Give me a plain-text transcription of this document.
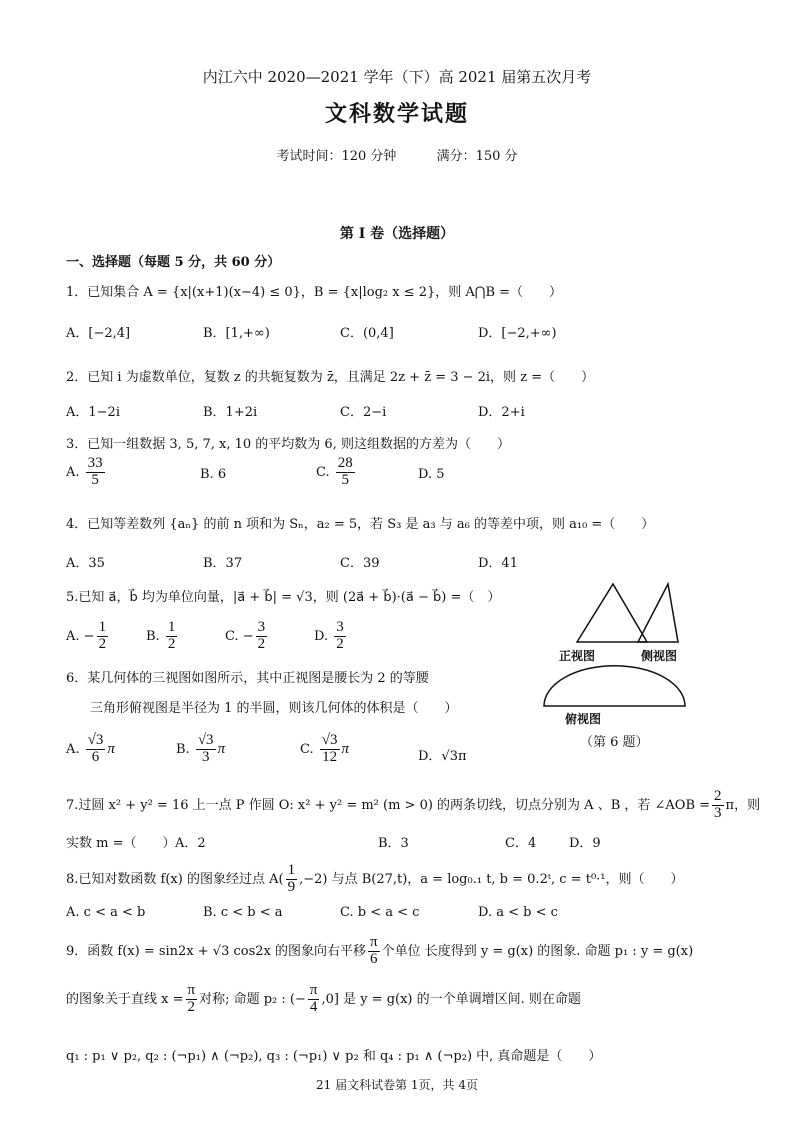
内江六中 2020—2021 学年（下）高 2021 届第五次月考
文科数学试题
考试时间：120 分钟	满分：150 分
第 I 卷（选择题）
一、选择题（每题 5 分，共 60 分）
1．已知集合 A = {x|(x+1)(x−4) ≤ 0}，B = {x|log₂ x ≤ 2}，则 A⋂B =（　　）
A．[−2,4]	B．[1,+∞)	C．(0,4]	D．[−2,+∞)
2．已知 i 为虚数单位，复数 z 的共轭复数为 z̄，且满足 2z + z̄ = 3 − 2i，则 z =（　　）
A．1−2i	B．1+2i	C．2−i	D．2+i
3．已知一组数据 3, 5, 7, x, 10 的平均数为 6, 则这组数据的方差为（　　）
A. $\frac{33}{5}$	B. 6	C. $\frac{28}{5}$	D. 5
4．已知等差数列 {aₙ} 的前 n 项和为 Sₙ，a₂ = 5，若 S₃ 是 a₃ 与 a₆ 的等差中项，则 a₁₀ =（　　）
A．35	B．37	C．39	D．41
5.已知 a⃗，b⃗ 均为单位向量，|a⃗ + b⃗| = √3，则 (2a⃗ + b⃗)·(a⃗ − b⃗) =（　）
A. − $\frac{1}{2}$	B. $\frac{1}{2}$	C. − $\frac{3}{2}$	D. $\frac{3}{2}$
正视图	侧视图
俯视图
（第 6 题）
6．某几何体的三视图如图所示，其中正视图是腰长为 2 的等腰
三角形俯视图是半径为 1 的半圆，则该几何体的体积是（　　）
A. $\frac{√3}{6}$ π	B. $\frac{√3}{3}$ π	C. $\frac{√3}{12}$ π	D．√3π
7.过圆 x² + y² = 16 上一点 P 作圆 O: x² + y² = m² (m > 0) 的两条切线，切点分别为 A 、B ，若 ∠AOB = $\frac{2}{3}$ π，则
实数 m =（　　） A．2	B．3	C．4	D．9
8.已知对数函数 f(x) 的图象经过点 $A( \frac{1}{9} ,-2)$ 与点 B(27,t)，a = log₀.₁ t, b = 0.2ᵗ, c = t⁰·¹，则（　　）
A. c < a < b	B. c < b < a	C. b < a < c	D. a < b < c
9．函数 f(x) = sin2x + √3 cos2x 的图象向右平移 $\frac{\pi}{6}$ 个单位 长度得到 y = g(x) 的图象. 命题 p₁ : y = g(x)
的图象关于直线 $x = \frac{\pi}{2}$ 对称; 命题 p₂ : (− $\frac{\pi}{4} ,0$] 是 y = g(x) 的一个单调增区间. 则在命题
q₁ : p₁ ∨ p₂, q₂ : (¬p₁) ∧ (¬p₂), q₃ : (¬p₁) ∨ p₂ 和 q₄ : p₁ ∧ (¬p₂) 中, 真命题是（　　）
21 届文科试卷第 1页，共 4页
